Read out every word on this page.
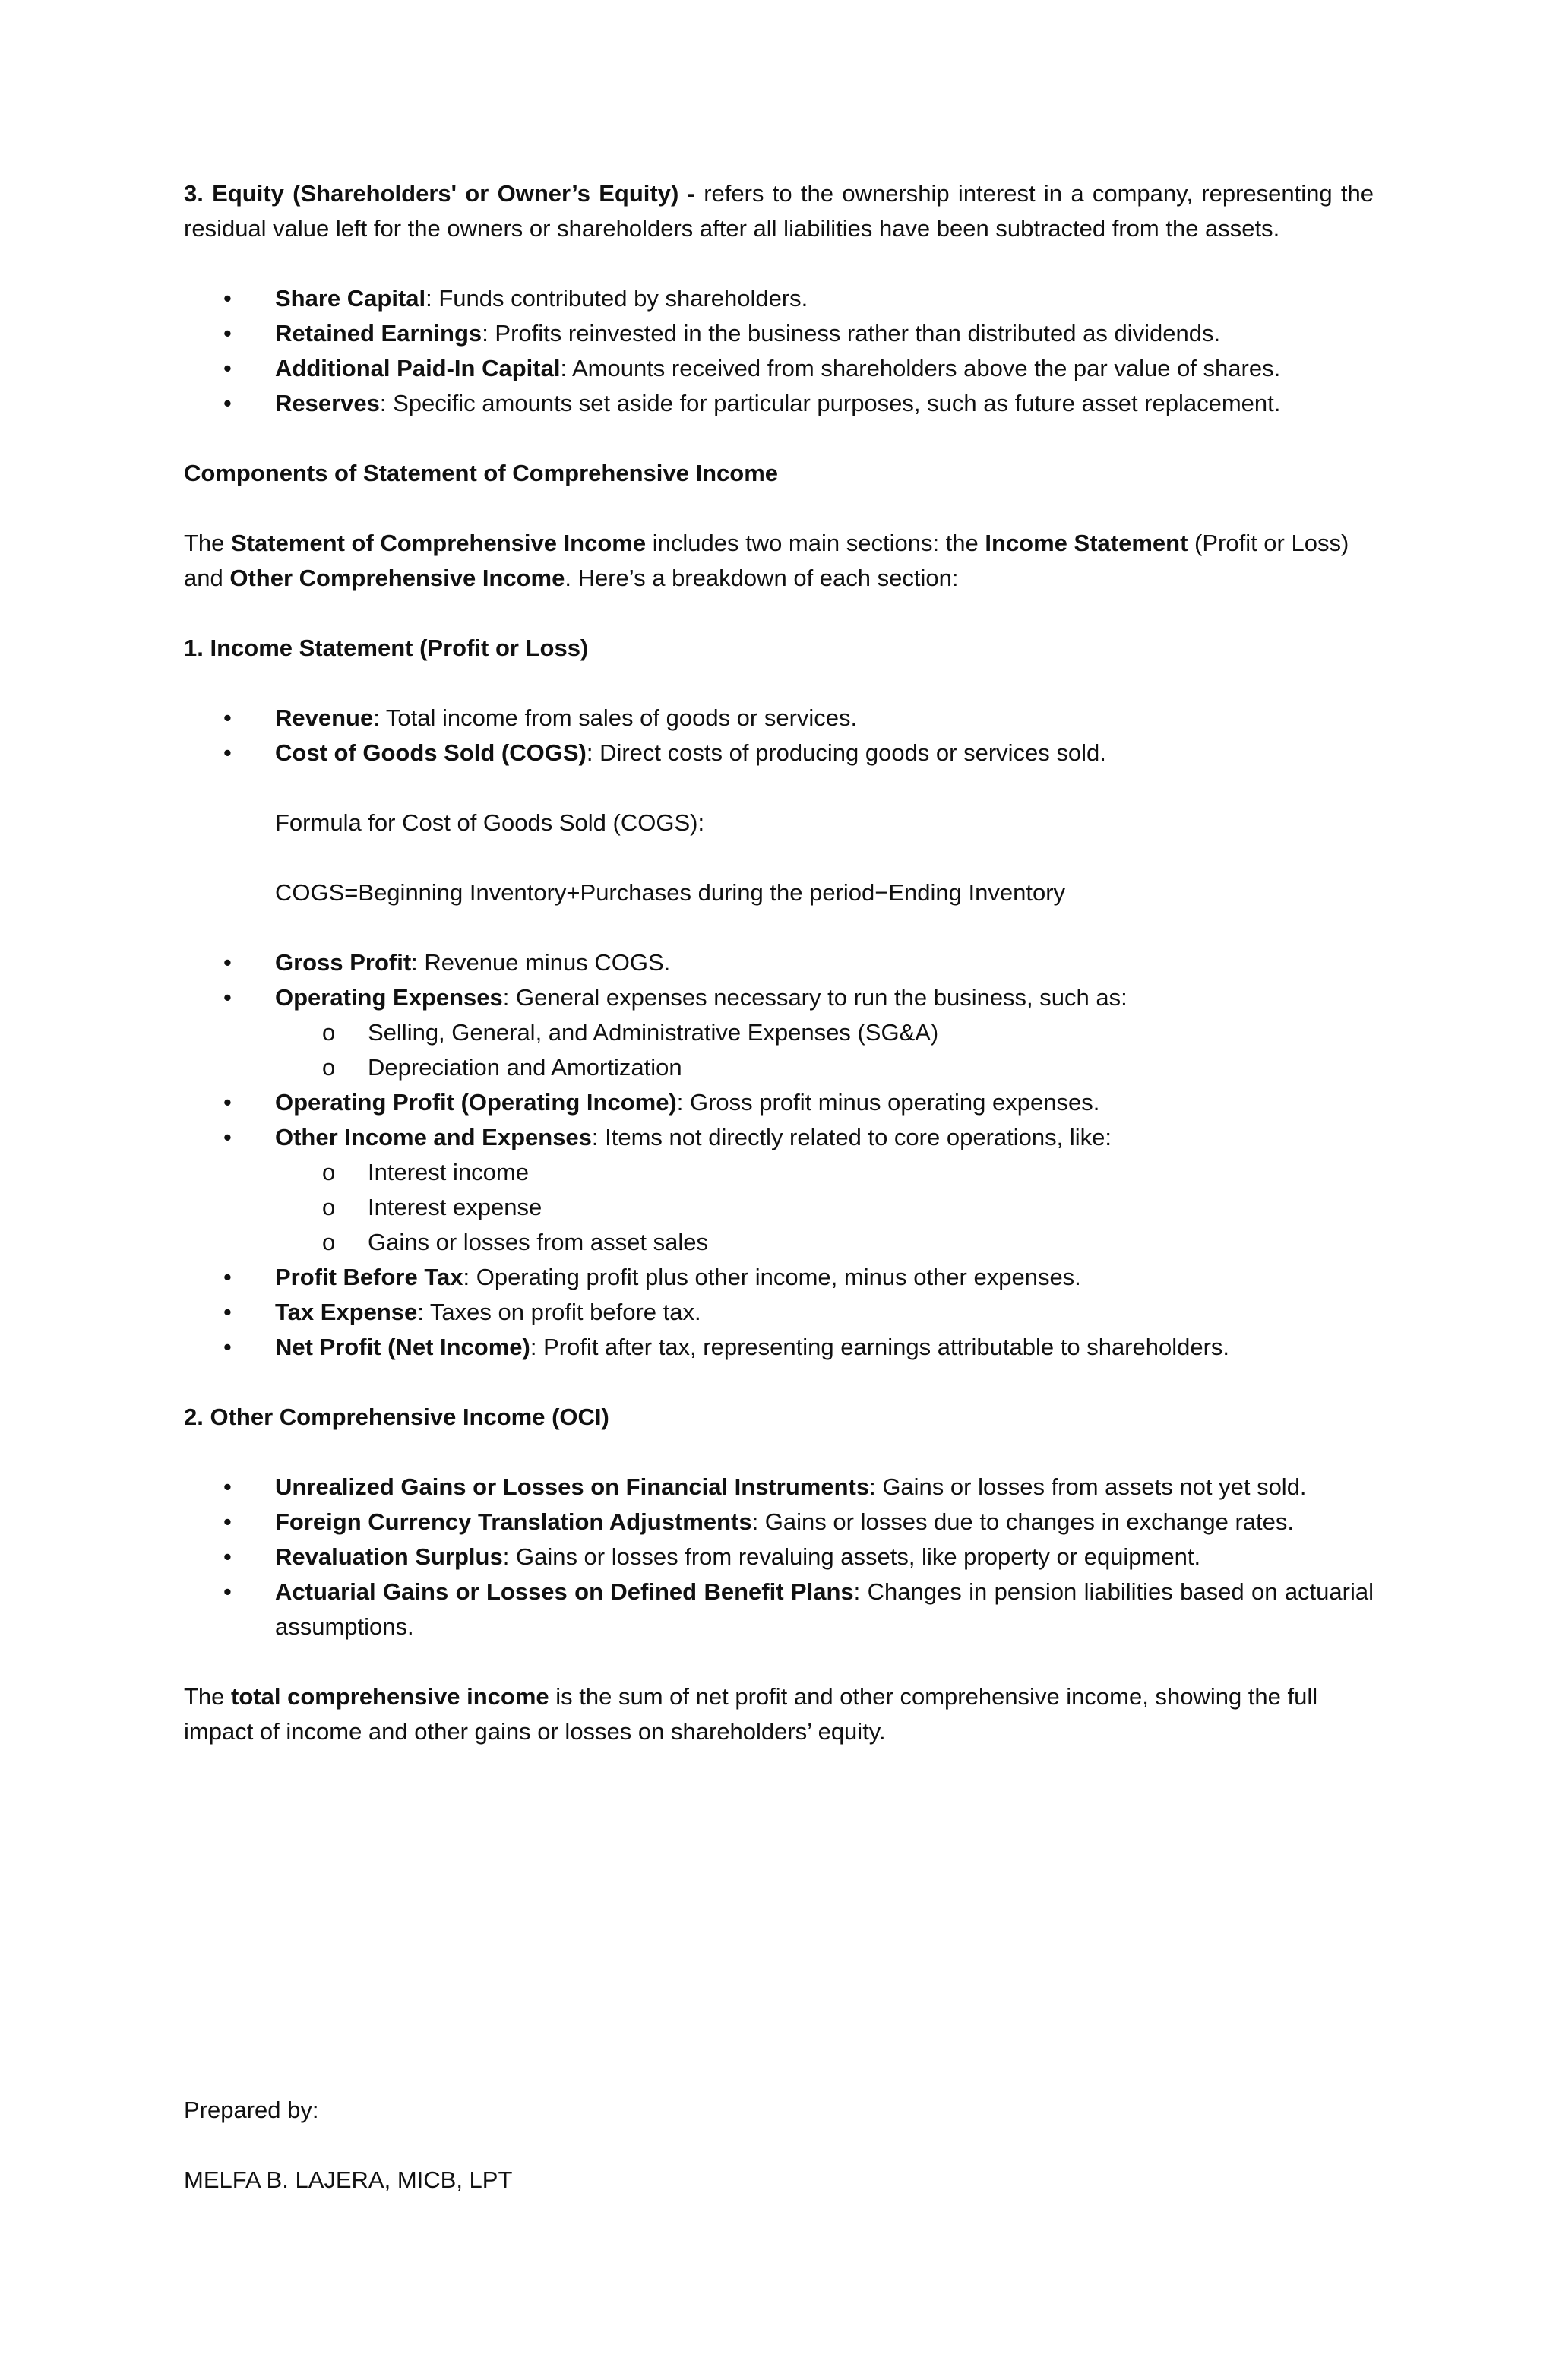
3. Equity (Shareholders' or Owner’s Equity) - refers to the ownership interest in a company, representing the residual value left for the owners or shareholders after all liabilities have been subtracted from the assets.

• Share Capital: Funds contributed by shareholders.
• Retained Earnings: Profits reinvested in the business rather than distributed as dividends.
• Additional Paid-In Capital: Amounts received from shareholders above the par value of shares.
• Reserves: Specific amounts set aside for particular purposes, such as future asset replacement.

Components of Statement of Comprehensive Income

The Statement of Comprehensive Income includes two main sections: the Income Statement (Profit or Loss) and Other Comprehensive Income. Here’s a breakdown of each section:

1. Income Statement (Profit or Loss)

• Revenue: Total income from sales of goods or services.
• Cost of Goods Sold (COGS): Direct costs of producing goods or services sold.

Formula for Cost of Goods Sold (COGS):

COGS=Beginning Inventory+Purchases during the period−Ending Inventory

• Gross Profit: Revenue minus COGS.
• Operating Expenses: General expenses necessary to run the business, such as:
o Selling, General, and Administrative Expenses (SG&A)
o Depreciation and Amortization
• Operating Profit (Operating Income): Gross profit minus operating expenses.
• Other Income and Expenses: Items not directly related to core operations, like:
o Interest income
o Interest expense
o Gains or losses from asset sales
• Profit Before Tax: Operating profit plus other income, minus other expenses.
• Tax Expense: Taxes on profit before tax.
• Net Profit (Net Income): Profit after tax, representing earnings attributable to shareholders.

2. Other Comprehensive Income (OCI)

• Unrealized Gains or Losses on Financial Instruments: Gains or losses from assets not yet sold.
• Foreign Currency Translation Adjustments: Gains or losses due to changes in exchange rates.
• Revaluation Surplus: Gains or losses from revaluing assets, like property or equipment.
• Actuarial Gains or Losses on Defined Benefit Plans: Changes in pension liabilities based on actuarial assumptions.

The total comprehensive income is the sum of net profit and other comprehensive income, showing the full impact of income and other gains or losses on shareholders’ equity.

Prepared by:

MELFA B. LAJERA, MICB, LPT
